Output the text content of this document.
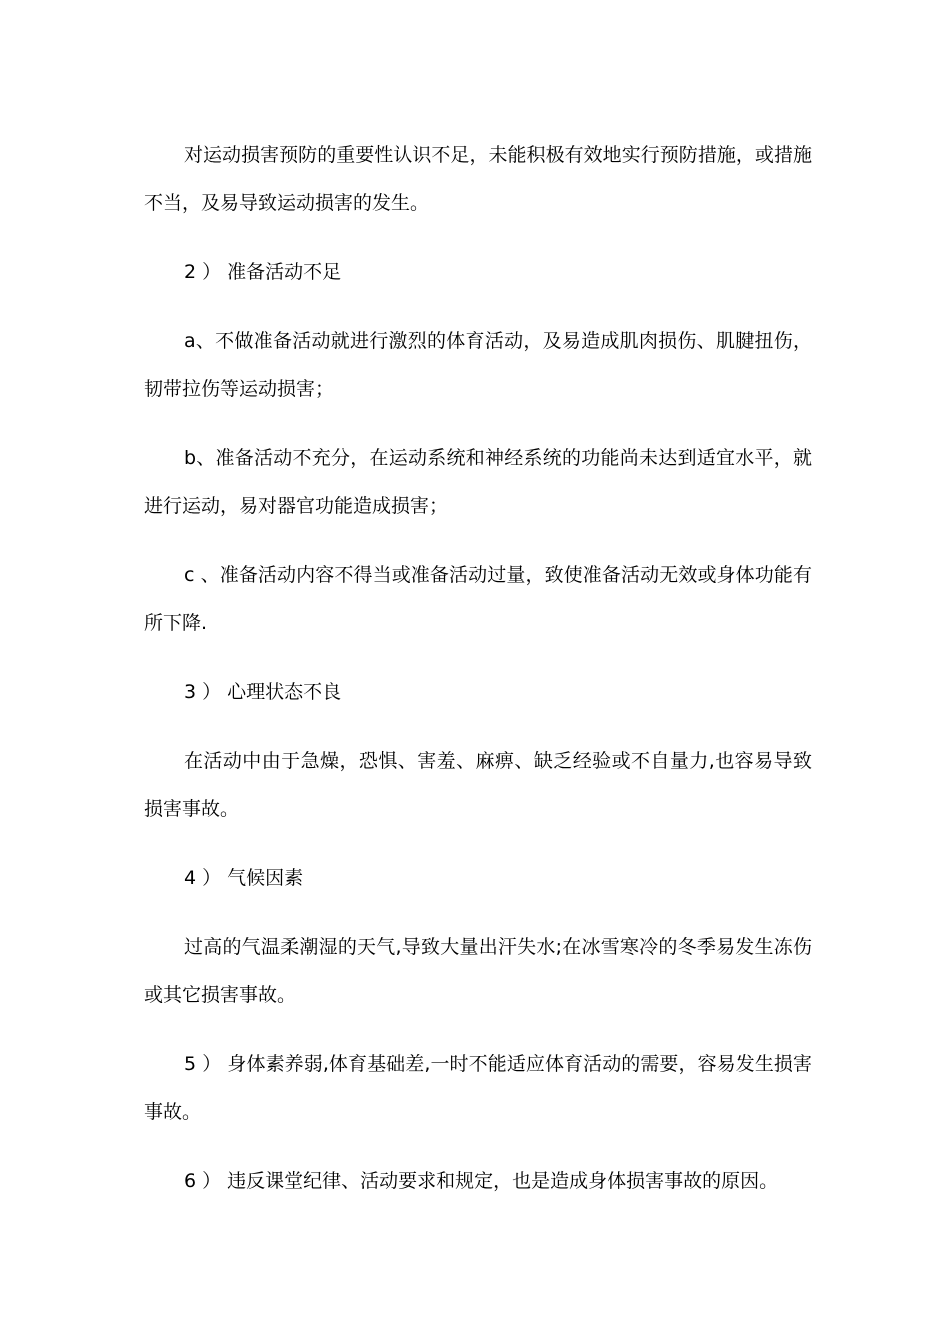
对运动损害预防的重要性认识不足，未能积极有效地实行预防措施，或措施不当，及易导致运动损害的发生。

2 ） 准备活动不足

a、不做准备活动就进行激烈的体育活动，及易造成肌肉损伤、肌腱扭伤，韧带拉伤等运动损害；

b、准备活动不充分，在运动系统和神经系统的功能尚未达到适宜水平，就进行运动，易对器官功能造成损害；

c 、准备活动内容不得当或准备活动过量，致使准备活动无效或身体功能有所下降.

3 ） 心理状态不良

在活动中由于急燥，恐惧、害羞、麻痹、缺乏经验或不自量力,也容易导致损害事故。

4 ） 气候因素

过高的气温柔潮湿的天气,导致大量出汗失水;在冰雪寒冷的冬季易发生冻伤或其它损害事故。

5 ） 身体素养弱,体育基础差,一时不能适应体育活动的需要，容易发生损害事故。

6 ） 违反课堂纪律、活动要求和规定，也是造成身体损害事故的原因。
